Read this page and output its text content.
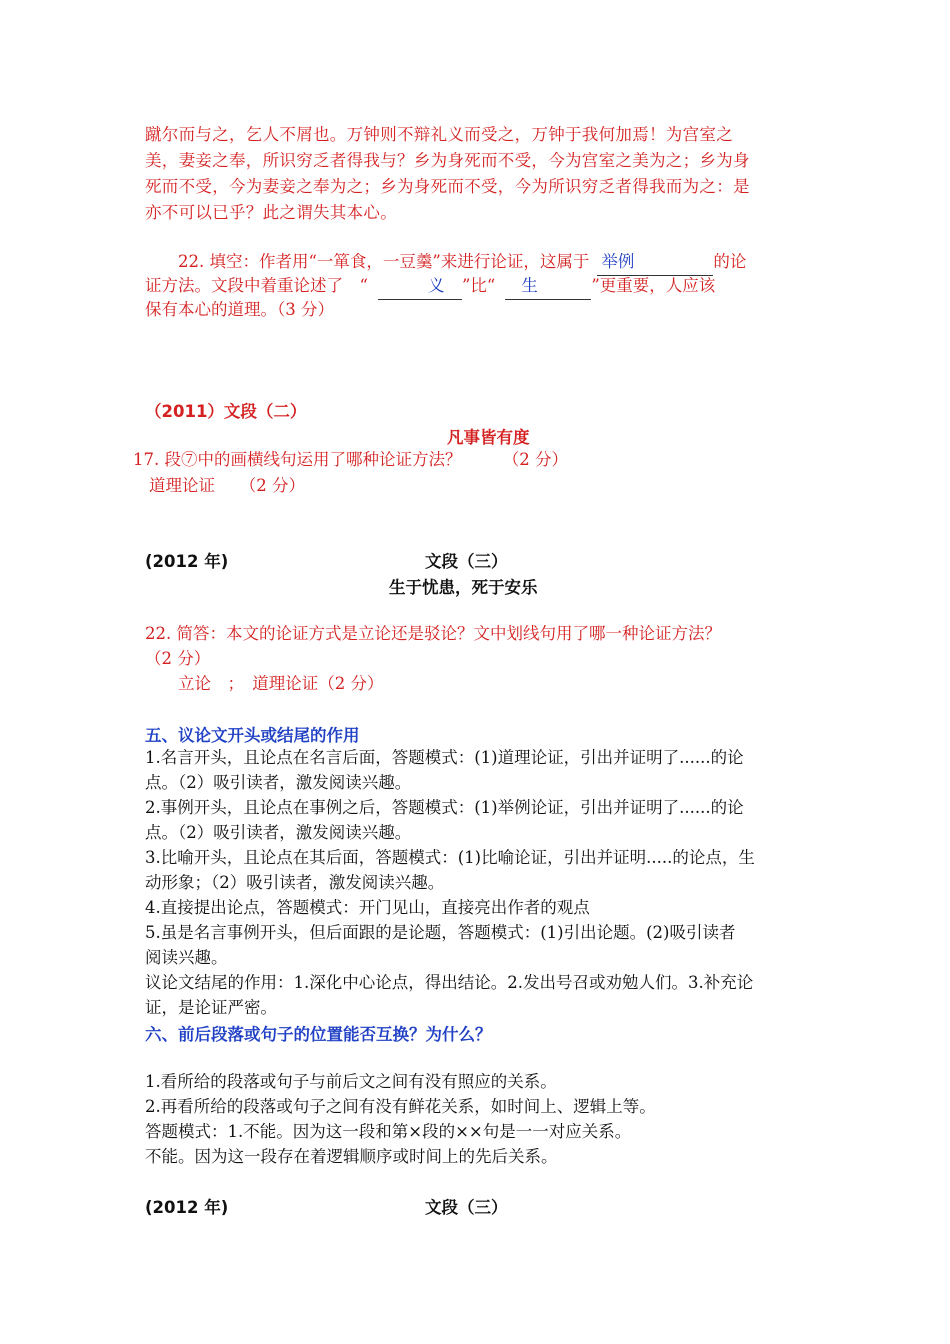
蹴尔而与之，乞人不屑也。万钟则不辩礼义而受之，万钟于我何加焉！为宫室之
美，妻妾之奉，所识穷乏者得我与？乡为身死而不受，今为宫室之美为之；乡为身
死而不受，今为妻妾之奉为之；乡为身死而不受，今为所识穷乏者得我而为之：是
亦不可以已乎？此之谓失其本心。
22. 填空：作者用“一箪食，一豆羹”来进行论证，这属于 举例	的论
证方法。文段中着重论述了　“	义 ”比“ 生	”更重要，人应该
保有本心的道理。（3 分）
（2011）文段（二）
凡事皆有度
17. 段⑦中的画横线句运用了哪种论证方法？　　　（2 分）
道理论证　　（2 分）
(2012 年)	文段（三）
生于忧患，死于安乐
22. 简答：本文的论证方式是立论还是驳论？文中划线句用了哪一种论证方法？
（2 分）
立论　；　道理论证（2 分）
五、议论文开头或结尾的作用
1.名言开头，且论点在名言后面，答题模式：(1)道理论证，引出并证明了......的论
点。（2）吸引读者，激发阅读兴趣。
2.事例开头，且论点在事例之后，答题模式：(1)举例论证，引出并证明了......的论
点。（2）吸引读者，激发阅读兴趣。
3.比喻开头，且论点在其后面，答题模式：(1)比喻论证，引出并证明.....的论点，生
动形象；（2）吸引读者，激发阅读兴趣。
4.直接提出论点，答题模式：开门见山，直接亮出作者的观点
5.虽是名言事例开头，但后面跟的是论题，答题模式：(1)引出论题。(2)吸引读者
阅读兴趣。
议论文结尾的作用：1.深化中心论点，得出结论。2.发出号召或劝勉人们。3.补充论
证，是论证严密。
六、前后段落或句子的位置能否互换？为什么？
1.看所给的段落或句子与前后文之间有没有照应的关系。
2.再看所给的段落或句子之间有没有鲜花关系，如时间上、逻辑上等。
答题模式：1.不能。因为这一段和第×段的××句是一一对应关系。
不能。因为这一段存在着逻辑顺序或时间上的先后关系。
(2012 年)	文段（三）
